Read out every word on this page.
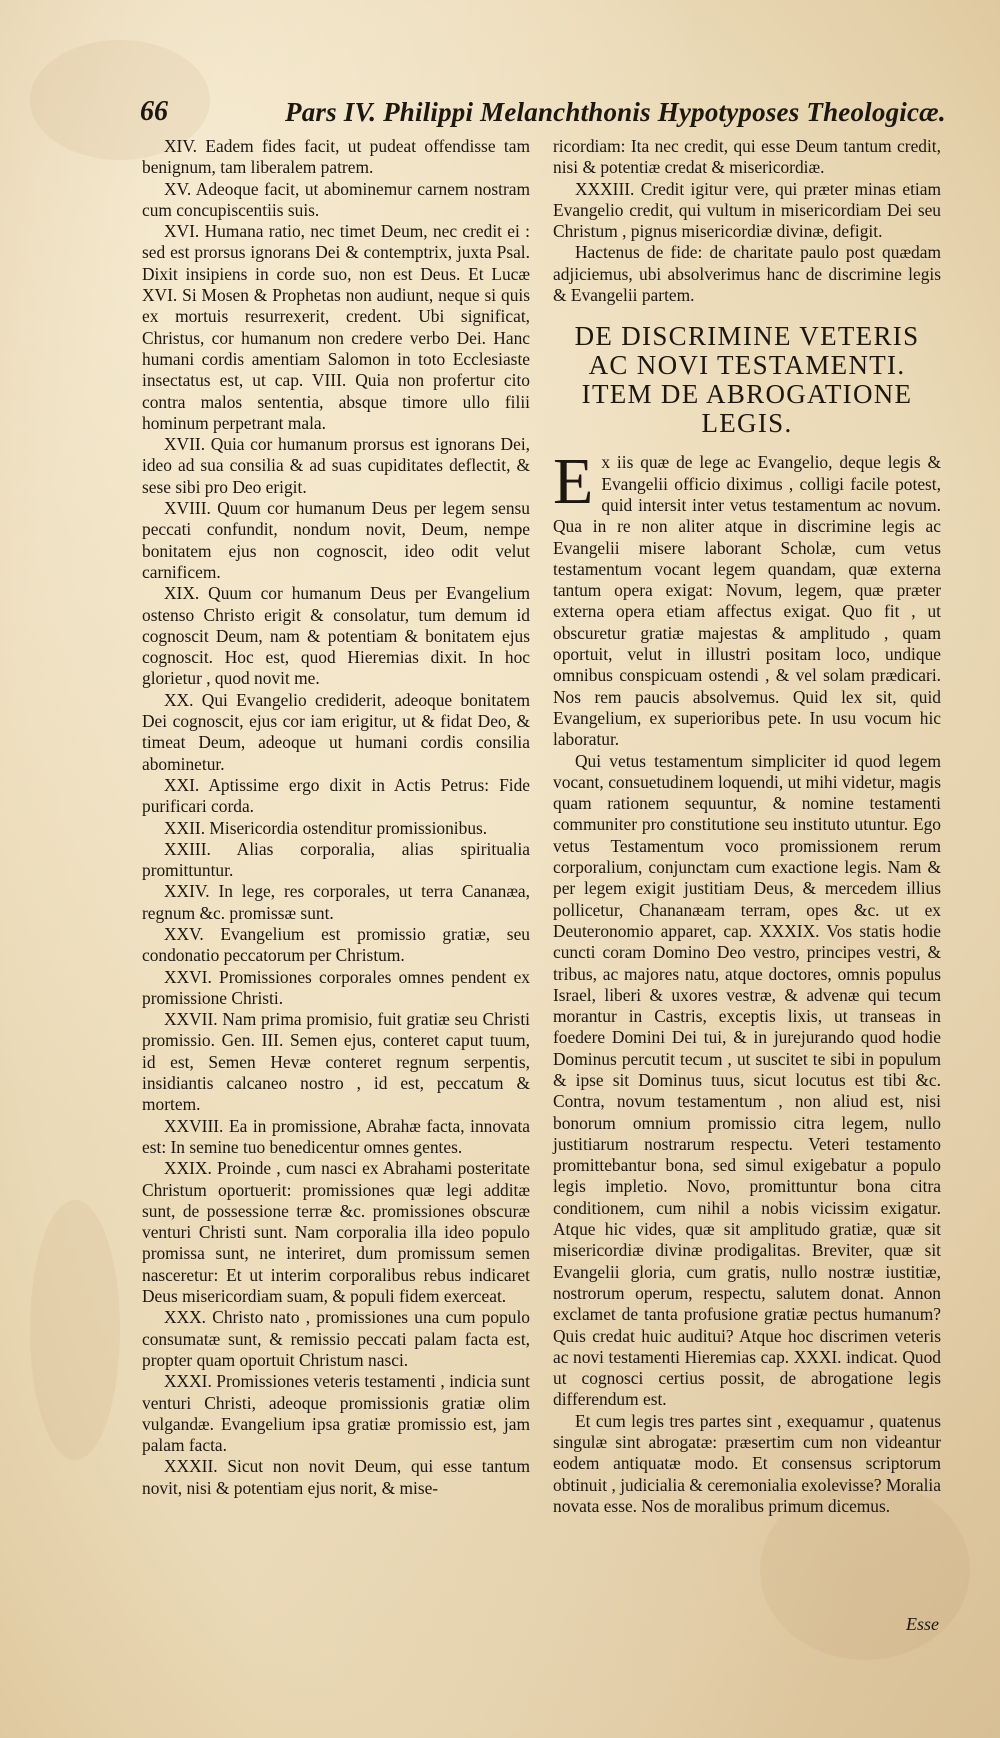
66	Pars IV. Philippi Melanchthonis Hypotyposes Theologicæ.

XIV. Eadem fides facit, ut pudeat offendisse tam benignum, tam liberalem patrem.

XV. Adeoque facit, ut abominemur carnem nostram cum concupiscentiis suis.

XVI. Humana ratio, nec timet Deum, nec credit ei : sed est prorsus ignorans Dei & contemptrix, juxta Psal. Dixit insipiens in corde suo, non est Deus. Et Lucæ XVI. Si Mosen & Prophetas non audiunt, neque si quis ex mortuis resurrexerit, credent. Ubi significat, Christus, cor humanum non credere verbo Dei. Hanc humani cordis amentiam Salomon in toto Ecclesiaste insectatus est, ut cap. VIII. Quia non profertur cito contra malos sententia, absque timore ullo filii hominum perpetrant mala.

XVII. Quia cor humanum prorsus est ignorans Dei, ideo ad sua consilia & ad suas cupiditates deflectit, & sese sibi pro Deo erigit.

XVIII. Quum cor humanum Deus per legem sensu peccati confundit, nondum novit, Deum, nempe bonitatem ejus non cognoscit, ideo odit velut carnificem.

XIX. Quum cor humanum Deus per Evangelium ostenso Christo erigit & consolatur, tum demum id cognoscit Deum, nam & potentiam & bonitatem ejus cognoscit. Hoc est, quod Hieremias dixit. In hoc glorietur , quod novit me.

XX. Qui Evangelio crediderit, adeoque bonitatem Dei cognoscit, ejus cor iam erigitur, ut & fidat Deo, & timeat Deum, adeoque ut humani cordis consilia abominetur.

XXI. Aptissime ergo dixit in Actis Petrus: Fide purificari corda.

XXII. Misericordia ostenditur promissionibus.

XXIII. Alias corporalia, alias spiritualia promittuntur.

XXIV. In lege, res corporales, ut terra Cananæa, regnum &c. promissæ sunt.

XXV. Evangelium est promissio gratiæ, seu condonatio peccatorum per Christum.

XXVI. Promissiones corporales omnes pendent ex promissione Christi.

XXVII. Nam prima promisio, fuit gratiæ seu Christi promissio. Gen. III. Semen ejus, conteret caput tuum, id est, Semen Hevæ conteret regnum serpentis, insidiantis calcaneo nostro , id est, peccatum & mortem.

XXVIII. Ea in promissione, Abrahæ facta, innovata est: In semine tuo benedicentur omnes gentes.

XXIX. Proinde , cum nasci ex Abrahami posteritate Christum oportuerit: promissiones quæ legi additæ sunt, de possessione terræ &c. promissiones obscuræ venturi Christi sunt. Nam corporalia illa ideo populo promissa sunt, ne interiret, dum promissum semen nasceretur: Et ut interim corporalibus rebus indicaret Deus misericordiam suam, & populi fidem exerceat.

XXX. Christo nato , promissiones una cum populo consumatæ sunt, & remissio peccati palam facta est, propter quam oportuit Christum nasci.

XXXI. Promissiones veteris testamenti , indicia sunt venturi Christi, adeoque promissionis gratiæ olim vulgandæ. Evangelium ipsa gratiæ promissio est, jam palam facta.

XXXII. Sicut non novit Deum, qui esse tantum novit, nisi & potentiam ejus norit, & mise-

ricordiam: Ita nec credit, qui esse Deum tantum credit, nisi & potentiæ credat & misericordiæ.

XXXIII. Credit igitur vere, qui præter minas etiam Evangelio credit, qui vultum in misericordiam Dei seu Christum , pignus misericordiæ divinæ, defigit.

Hactenus de fide: de charitate paulo post quædam adjiciemus, ubi absolverimus hanc de discrimine legis & Evangelii partem.

DE DISCRIMINE VETERIS AC NOVI TESTAMENTI. ITEM DE ABROGATIONE LEGIS.

E x iis quæ de lege ac Evangelio, deque legis & Evangelii officio diximus , colligi facile potest, quid intersit inter vetus testamentum ac novum. Qua in re non aliter atque in discrimine legis ac Evangelii misere laborant Scholæ, cum vetus testamentum vocant legem quandam, quæ externa tantum opera exigat: Novum, legem, quæ præter externa opera etiam affectus exigat. Quo fit , ut obscuretur gratiæ majestas & amplitudo , quam oportuit, velut in illustri positam loco, undique omnibus conspicuam ostendi , & vel solam prædicari. Nos rem paucis absolvemus. Quid lex sit, quid Evangelium, ex superioribus pete. In usu vocum hic laboratur.

Qui vetus testamentum simpliciter id quod legem vocant, consuetudinem loquendi, ut mihi videtur, magis quam rationem sequuntur, & nomine testamenti communiter pro constitutione seu instituto utuntur. Ego vetus Testamentum voco promissionem rerum corporalium, conjunctam cum exactione legis. Nam & per legem exigit justitiam Deus, & mercedem illius pollicetur, Chananæam terram, opes &c. ut ex Deuteronomio apparet, cap. XXXIX. Vos statis hodie cuncti coram Domino Deo vestro, principes vestri, & tribus, ac majores natu, atque doctores, omnis populus Israel, liberi & uxores vestræ, & advenæ qui tecum morantur in Castris, exceptis lixis, ut transeas in foedere Domini Dei tui, & in jurejurando quod hodie Dominus percutit tecum , ut suscitet te sibi in populum & ipse sit Dominus tuus, sicut locutus est tibi &c. Contra, novum testamentum , non aliud est, nisi bonorum omnium promissio citra legem, nullo justitiarum nostrarum respectu. Veteri testamento promittebantur bona, sed simul exigebatur a populo legis impletio. Novo, promittuntur bona citra conditionem, cum nihil a nobis vicissim exigatur. Atque hic vides, quæ sit amplitudo gratiæ, quæ sit misericordiæ divinæ prodigalitas. Breviter, quæ sit Evangelii gloria, cum gratis, nullo nostræ iustitiæ, nostrorum operum, respectu, salutem donat. Annon exclamet de tanta profusione gratiæ pectus humanum? Quis credat huic auditui? Atque hoc discrimen veteris ac novi testamenti Hieremias cap. XXXI. indicat. Quod ut cognosci certius possit, de abrogatione legis differendum est.

Et cum legis tres partes sint , exequamur , quatenus singulæ sint abrogatæ: præsertim cum non videantur eodem antiquatæ modo. Et consensus scriptorum obtinuit , judicialia & ceremonialia exolevisse? Moralia novata esse. Nos de moralibus primum dicemus.

Esse
